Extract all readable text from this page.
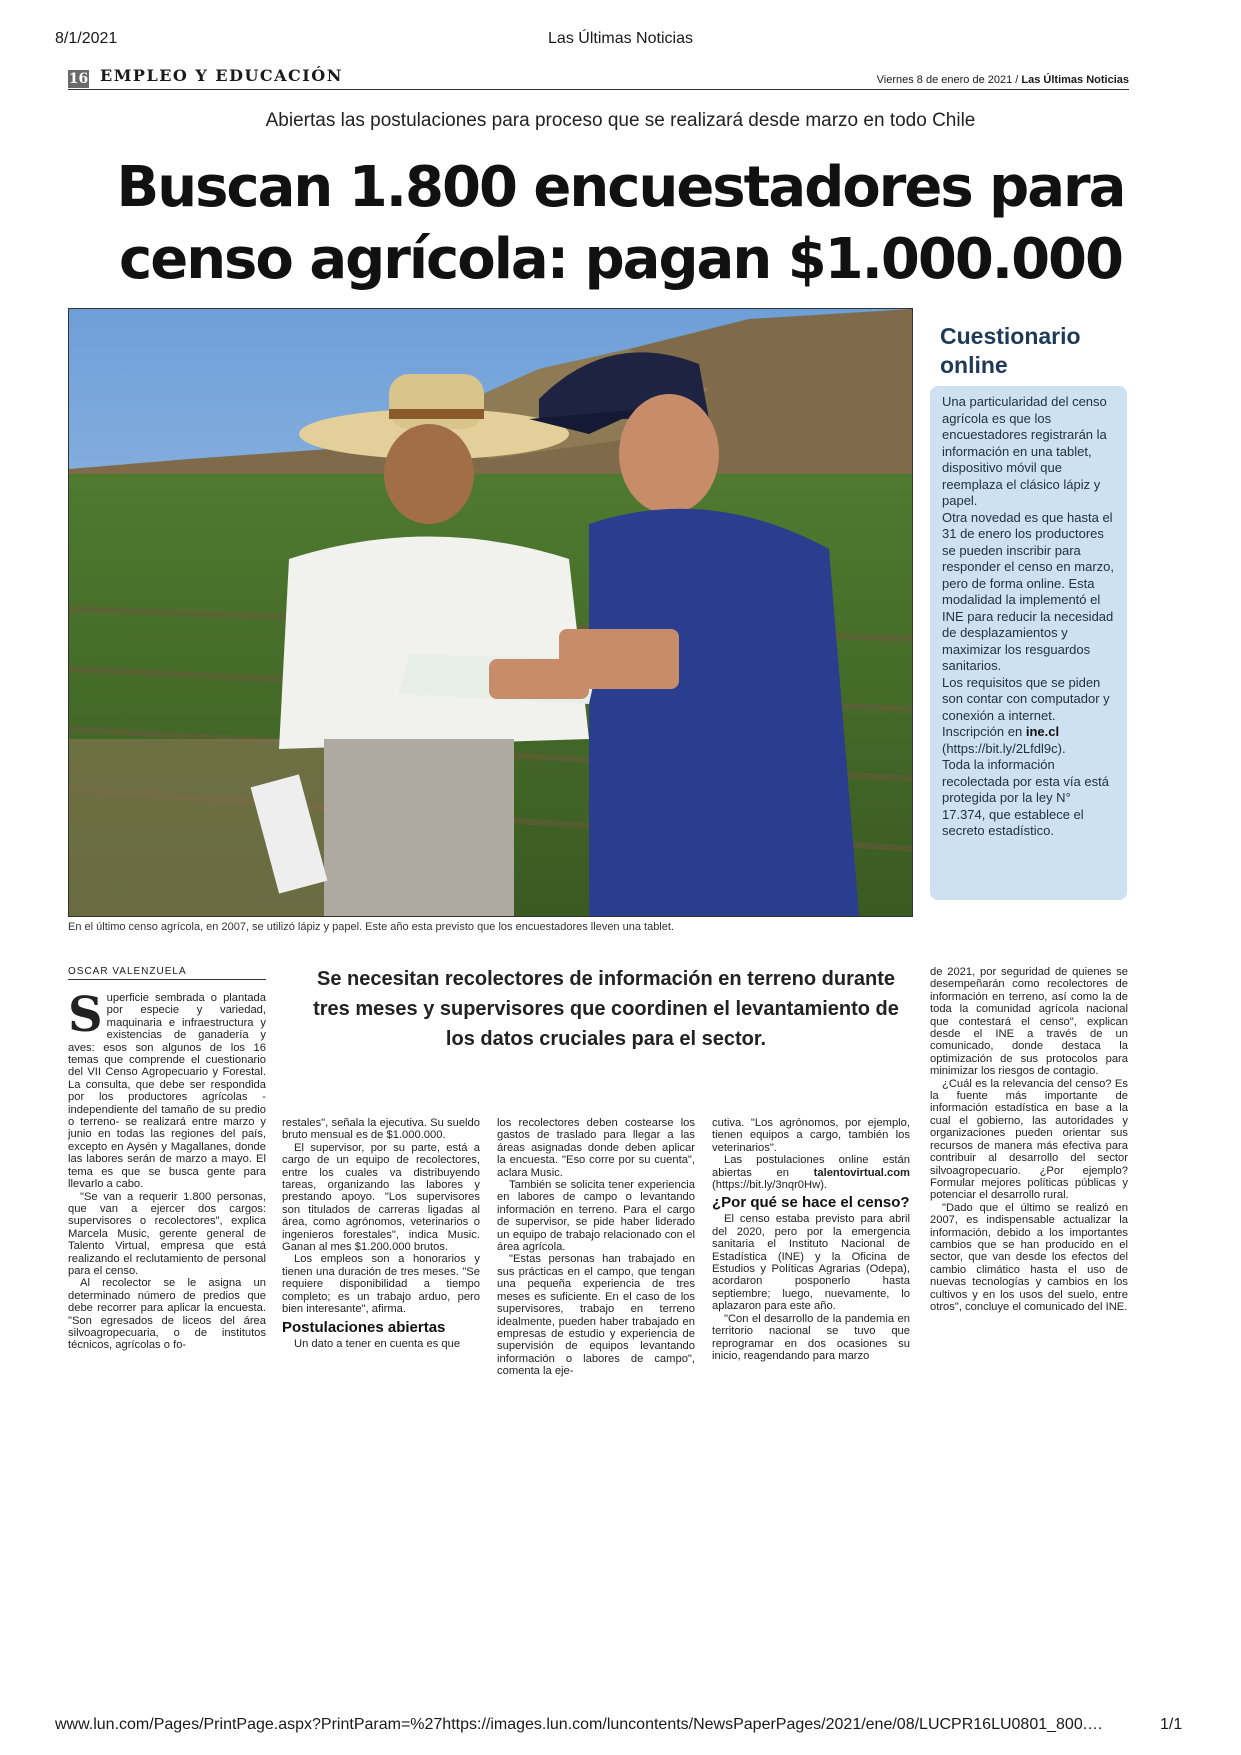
8/1/2021	Las Últimas Noticias
16 EMPLEO Y EDUCACIÓN	Viernes 8 de enero de 2021 / Las Últimas Noticias
Abiertas las postulaciones para proceso que se realizará desde marzo en todo Chile
Buscan 1.800 encuestadores para
censo agrícola: pagan $1.000.000
En el último censo agrícola, en 2007, se utilizó lápiz y papel. Este año esta previsto que los encuestadores lleven una tablet.
Cuestionario
online

Una particularidad del censo agrícola es que los encuestadores registrarán la información en una tablet, dispositivo móvil que reemplaza el clásico lápiz y papel.

Otra novedad es que hasta el 31 de enero los productores se pueden inscribir para responder el censo en marzo, pero de forma online. Esta modalidad la implementó el INE para reducir la necesidad de desplazamientos y maximizar los resguardos sanitarios.

Los requisitos que se piden son contar con computador y conexión a internet. Inscripción en ine.cl (https://bit.ly/2Lfdl9c).

Toda la información recolectada por esta vía está protegida por la ley N° 17.374, que establece el secreto estadístico.

OSCAR VALENZUELA	Se necesitan recolectores de información en terreno durante tres meses y supervisores que coordinen el levantamiento de los datos cruciales para el sector.

Superficie sembrada o plantada por especie y variedad, maquinaria e infraestructura y existencias de ganadería y aves: esos son algunos de los 16 temas que comprende el cuestionario del VII Censo Agropecuario y Forestal. La consulta, que debe ser respondida por los productores agrícolas -independiente del tamaño de su predio o terreno- se realizará entre marzo y junio en todas las regiones del país, excepto en Aysén y Magallanes, donde las labores serán de marzo a mayo. El tema es que se busca gente para llevarlo a cabo.

"Se van a requerir 1.800 personas, que van a ejercer dos cargos: supervisores o recolectores", explica Marcela Music, gerente general de Talento Virtual, empresa que está realizando el reclutamiento de personal para el censo.

Al recolector se le asigna un determinado número de predios que debe recorrer para aplicar la encuesta. "Son egresados de liceos del área silvoagropecuaria, o de institutos técnicos, agrícolas o fo-

restales", señala la ejecutiva. Su sueldo bruto mensual es de $1.000.000.

El supervisor, por su parte, está a cargo de un equipo de recolectores, entre los cuales va distribuyendo tareas, organizando las labores y prestando apoyo. "Los supervisores son titulados de carreras ligadas al área, como agrónomos, veterinarios o ingenieros forestales", indica Music. Ganan al mes $1.200.000 brutos.

Los empleos son a honorarios y tienen una duración de tres meses. "Se requiere disponibilidad a tiempo completo; es un trabajo arduo, pero bien interesante", afirma.

Postulaciones abiertas

Un dato a tener en cuenta es que

los recolectores deben costearse los gastos de traslado para llegar a las áreas asignadas donde deben aplicar la encuesta. "Eso corre por su cuenta", aclara Music.

También se solicita tener experiencia en labores de campo o levantando información en terreno. Para el cargo de supervisor, se pide haber liderado un equipo de trabajo relacionado con el área agrícola.

"Estas personas han trabajado en sus prácticas en el campo, que tengan una pequeña experiencia de tres meses es suficiente. En el caso de los supervisores, trabajo en terreno idealmente, pueden haber trabajado en empresas de estudio y experiencia de supervisión de equipos levantando información o labores de campo", comenta la eje-

cutiva. "Los agrónomos, por ejemplo, tienen equipos a cargo, también los veterinarios".

Las postulaciones online están abiertas en talentovirtual.com (https://bit.ly/3nqr0Hw).

¿Por qué se hace el censo?

El censo estaba previsto para abril del 2020, pero por la emergencia sanitaria el Instituto Nacional de Estadística (INE) y la Oficina de Estudios y Políticas Agrarias (Odepa), acordaron posponerlo hasta septiembre; luego, nuevamente, lo aplazaron para este año.

"Con el desarrollo de la pandemia en territorio nacional se tuvo que reprogramar en dos ocasiones su inicio, reagendando para marzo

de 2021, por seguridad de quienes se desempeñarán como recolectores de información en terreno, así como la de toda la comunidad agrícola nacional que contestará el censo", explican desde el INE a través de un comunicado, donde destaca la optimización de sus protocolos para minimizar los riesgos de contagio.

¿Cuál es la relevancia del censo? Es la fuente más importante de información estadística en base a la cual el gobierno, las autoridades y organizaciones pueden orientar sus recursos de manera más efectiva para contribuir al desarrollo del sector silvoagropecuario. ¿Por ejemplo? Formular mejores políticas públicas y potenciar el desarrollo rural.

"Dado que el último se realizó en 2007, es indispensable actualizar la información, debido a los importantes cambios que se han producido en el sector, que van desde los efectos del cambio climático hasta el uso de nuevas tecnologías y cambios en los cultivos y en los usos del suelo, entre otros", concluye el comunicado del INE.

www.lun.com/Pages/PrintPage.aspx?PrintParam=%27https://images.lun.com/luncontents/NewsPaperPages/2021/ene/08/LUCPR16LU0801_800.…	1/1
